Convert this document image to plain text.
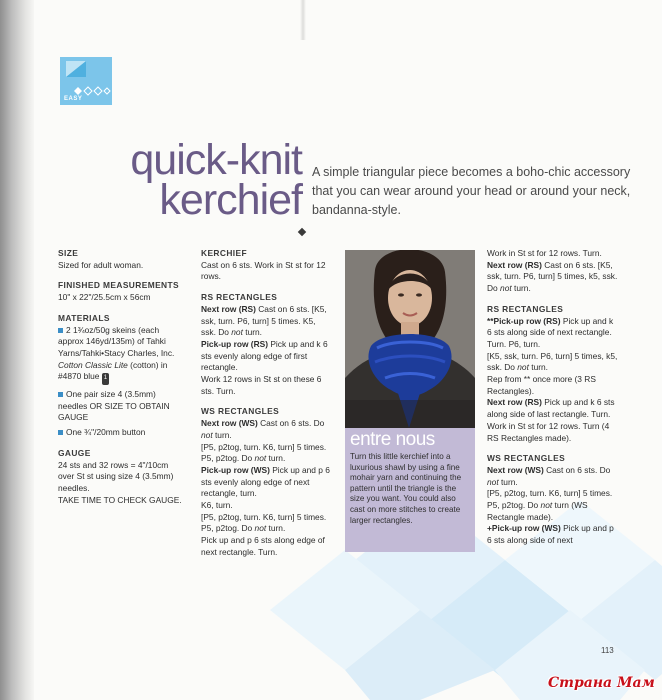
EASY
quick-knit
kerchief
A simple triangular piece becomes a boho-chic accessory that you can wear around your head or around your neck, bandanna-style.

SIZE

Sized for adult woman.

FINISHED MEASUREMENTS

10" x 22"/25.5cm x 56cm

MATERIALS

2 1¾oz/50g skeins (each approx 146yd/135m) of Tahki Yarns/Tahki•Stacy Charles, Inc. Cotton Classic Lite (cotton) in #4870 blue 1

One pair size 4 (3.5mm) needles OR SIZE TO OBTAIN GAUGE

One ¾"/20mm button

GAUGE

24 sts and 32 rows = 4"/10cm over St st using size 4 (3.5mm) needles.

TAKE TIME TO CHECK GAUGE.

KERCHIEF

Cast on 6 sts. Work in St st for 12 rows.

RS RECTANGLES

Next row (RS) Cast on 6 sts. [K5, ssk, turn. P6, turn] 5 times. K5, ssk. Do not turn.

Pick-up row (RS) Pick up and k 6 sts evenly along edge of first rectangle.

Work 12 rows in St st on these 6 sts. Turn.

WS RECTANGLES

Next row (WS) Cast on 6 sts. Do not turn.

[P5, p2tog, turn. K6, turn] 5 times. P5, p2tog. Do not turn.

Pick-up row (WS) Pick up and p 6 sts evenly along edge of next rectangle, turn.

K6, turn.

[P5, p2tog, turn. K6, turn] 5 times. P5, p2tog. Do not turn.

Pick up and p 6 sts along edge of next rectangle. Turn.

entre nous
Turn this little kerchief into a luxurious shawl by using a fine mohair yarn and continuing the pattern until the triangle is the size you want. You could also cast on more stitches to create larger rectangles.

Work in St st for 12 rows. Turn.

Next row (RS) Cast on 6 sts. [K5, ssk, turn. P6, turn] 5 times, k5, ssk. Do not turn.

RS RECTANGLES

**Pick-up row (RS) Pick up and k 6 sts along side of next rectangle. Turn. P6, turn.

[K5, ssk, turn. P6, turn] 5 times, k5, ssk. Do not turn.

Rep from ** once more (3 RS Rectangles).

Next row (RS) Pick up and k 6 sts along side of last rectangle. Turn.

Work in St st for 12 rows. Turn (4 RS Rectangles made).

WS RECTANGLES

Next row (WS) Cast on 6 sts. Do not turn.

[P5, p2tog, turn. K6, turn] 5 times. P5, p2tog. Do not turn (WS Rectangle made).

+Pick-up row (WS) Pick up and p 6 sts along side of next

113
Страна Мам
